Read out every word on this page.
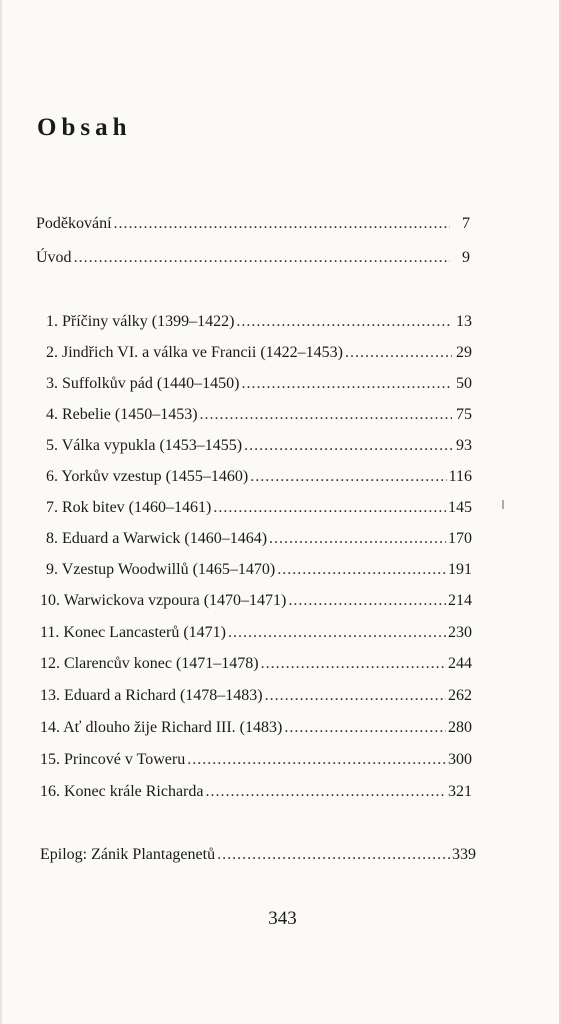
Obsah
Poděkování .....	7
Úvod .....	9
1. Příčiny války (1399–1422) .....	13
2. Jindřich VI. a válka ve Francii (1422–1453) .....	29
3. Suffolkův pád (1440–1450) .....	50
4. Rebelie (1450–1453) .....	75
5. Válka vypukla (1453–1455) .....	93
6. Yorkův vzestup (1455–1460) .....	116
7. Rok bitev (1460–1461) .....	145
8. Eduard a Warwick (1460–1464) .....	170
9. Vzestup Woodwillů (1465–1470) .....	191
10. Warwickova vzpoura (1470–1471) .....	214
11. Konec Lancasterů (1471) .....	230
12. Clarencův konec (1471–1478) .....	244
13. Eduard a Richard (1478–1483) .....	262
14. Ať dlouho žije Richard III. (1483) .....	280
15. Princové v Toweru .....	300
16. Konec krále Richarda .....	321
Epilog: Zánik Plantagenetů .....	339
343
